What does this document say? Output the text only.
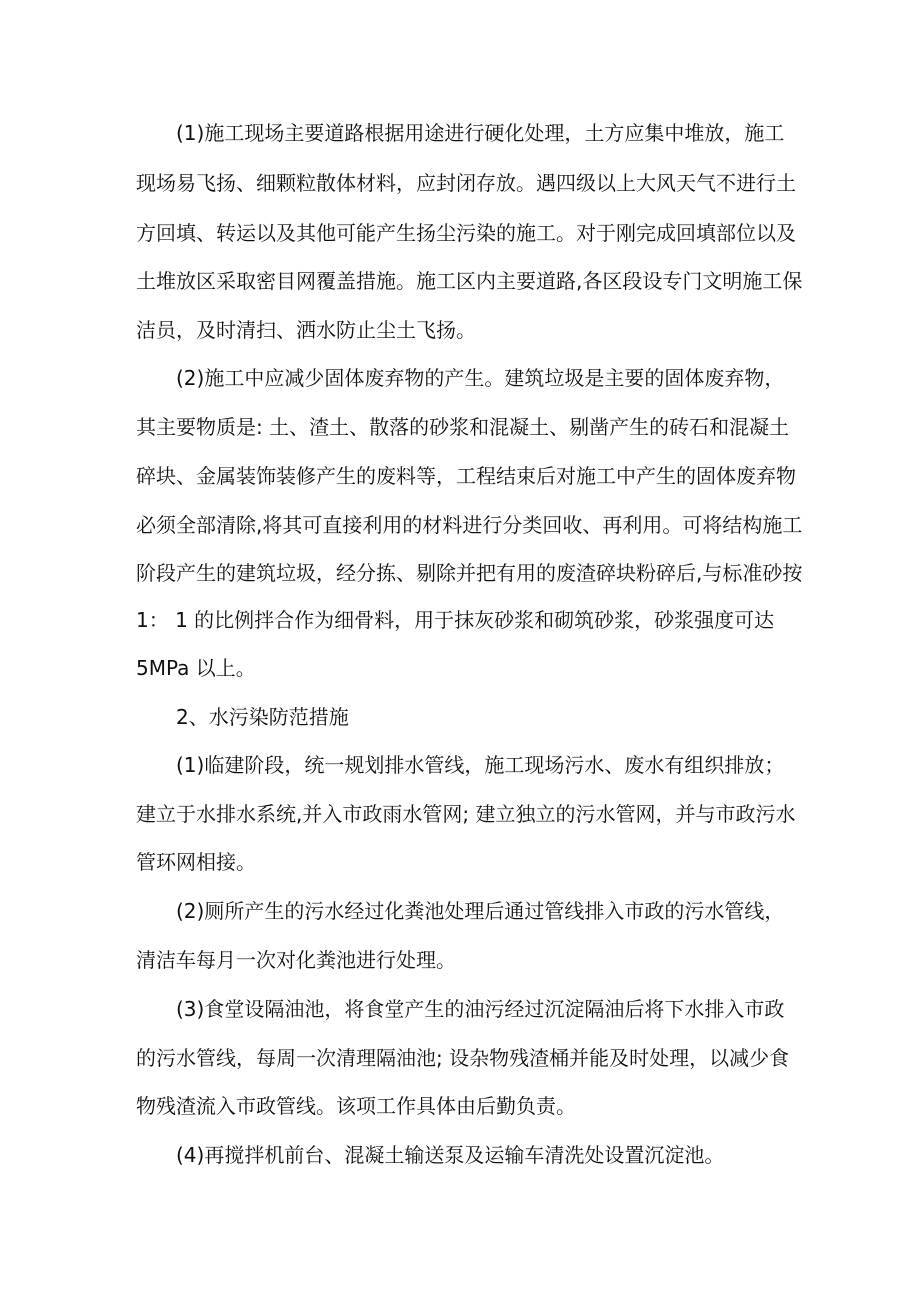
(1)施工现场主要道路根据用途进行硬化处理，土方应集中堆放，施工
现场易飞扬、细颗粒散体材料，应封闭存放。遇四级以上大风天气不进行土
方回填、转运以及其他可能产生扬尘污染的施工。对于刚完成回填部位以及
土堆放区采取密目网覆盖措施。施工区内主要道路,各区段设专门文明施工保
洁员，及时清扫、洒水防止尘土飞扬。
(2)施工中应减少固体废弃物的产生。建筑垃圾是主要的固体废弃物，
其主要物质是: 土、渣土、散落的砂浆和混凝土、剔凿产生的砖石和混凝土
碎块、金属装饰装修产生的废料等，工程结束后对施工中产生的固体废弃物
必须全部清除,将其可直接利用的材料进行分类回收、再利用。可将结构施工
阶段产生的建筑垃圾，经分拣、剔除并把有用的废渣碎块粉碎后,与标准砂按
1： 1 的比例拌合作为细骨料，用于抹灰砂浆和砌筑砂浆，砂浆强度可达
5MPa 以上。
2、水污染防范措施
(1)临建阶段，统一规划排水管线，施工现场污水、废水有组织排放；
建立于水排水系统,并入市政雨水管网; 建立独立的污水管网，并与市政污水
管环网相接。
(2)厕所产生的污水经过化粪池处理后通过管线排入市政的污水管线，
清洁车每月一次对化粪池进行处理。
(3)食堂设隔油池，将食堂产生的油污经过沉淀隔油后将下水排入市政
的污水管线，每周一次清理隔油池; 设杂物残渣桶并能及时处理，以减少食
物残渣流入市政管线。该项工作具体由后勤负责。
(4)再搅拌机前台、混凝土输送泵及运输车清洗处设置沉淀池。
